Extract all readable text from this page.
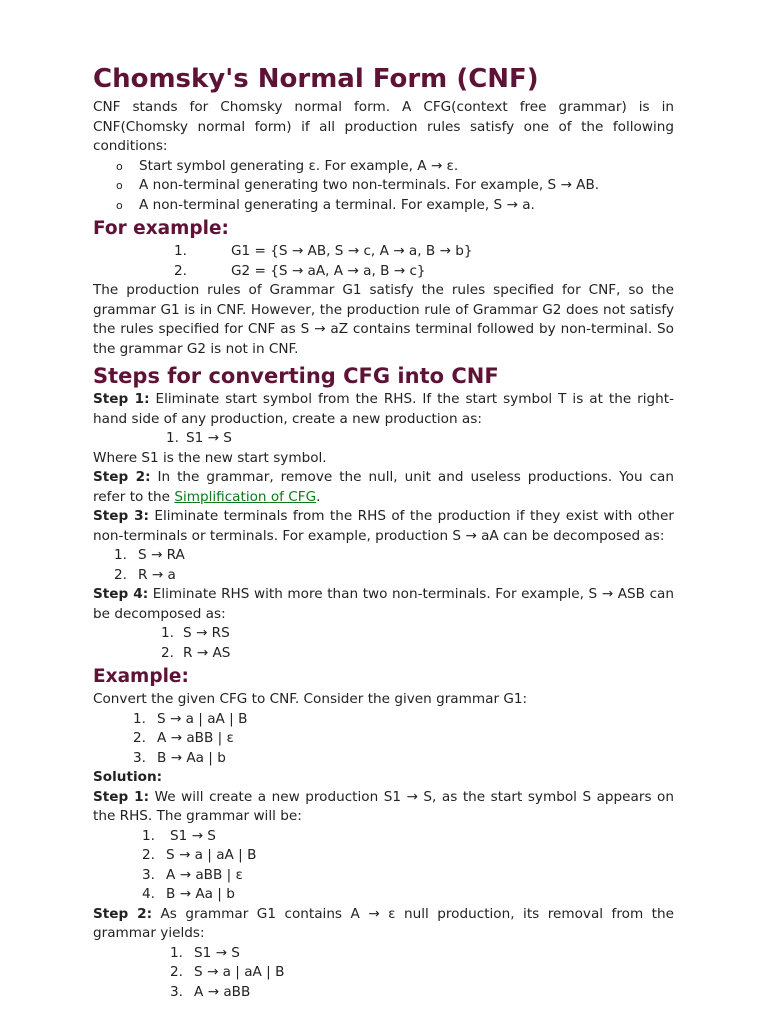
Chomsky's Normal Form (CNF)

CNF stands for Chomsky normal form. A CFG(context free grammar) is in CNF(Chomsky normal form) if all production rules satisfy one of the following conditions:

o Start symbol generating ε. For example, A → ε.
o A non-terminal generating two non-terminals. For example, S → AB.
o A non-terminal generating a terminal. For example, S → a.
For example:
1.	G1 = {S → AB, S → c, A → a, B → b}
2.	G2 = {S → aA, A → a, B → c}

The production rules of Grammar G1 satisfy the rules specified for CNF, so the grammar G1 is in CNF. However, the production rule of Grammar G2 does not satisfy the rules specified for CNF as S → aZ contains terminal followed by non-terminal. So the grammar G2 is not in CNF.

Steps for converting CFG into CNF

Step 1: Eliminate start symbol from the RHS. If the start symbol T is at the right-hand side of any production, create a new production as:

1. S1 → S

Where S1 is the new start symbol.

Step 2: In the grammar, remove the null, unit and useless productions. You can refer to the Simplification of CFG.

Step 3: Eliminate terminals from the RHS of the production if they exist with other non-terminals or terminals. For example, production S → aA can be decomposed as:

1. S → RA
2. R → a

Step 4: Eliminate RHS with more than two non-terminals. For example, S → ASB can be decomposed as:

1. S → RS
2. R → AS
Example:

Convert the given CFG to CNF. Consider the given grammar G1:

1. S → a | aA | B
2. A → aBB | ε
3. B → Aa | b

Solution:

Step 1: We will create a new production S1 → S, as the start symbol S appears on the RHS. The grammar will be:

1.	S1 → S
2. S → a | aA | B
3. A → aBB | ε
4. B → Aa | b

Step 2: As grammar G1 contains A → ε null production, its removal from the grammar yields:

1. S1 → S
2. S → a | aA | B
3. A → aBB
